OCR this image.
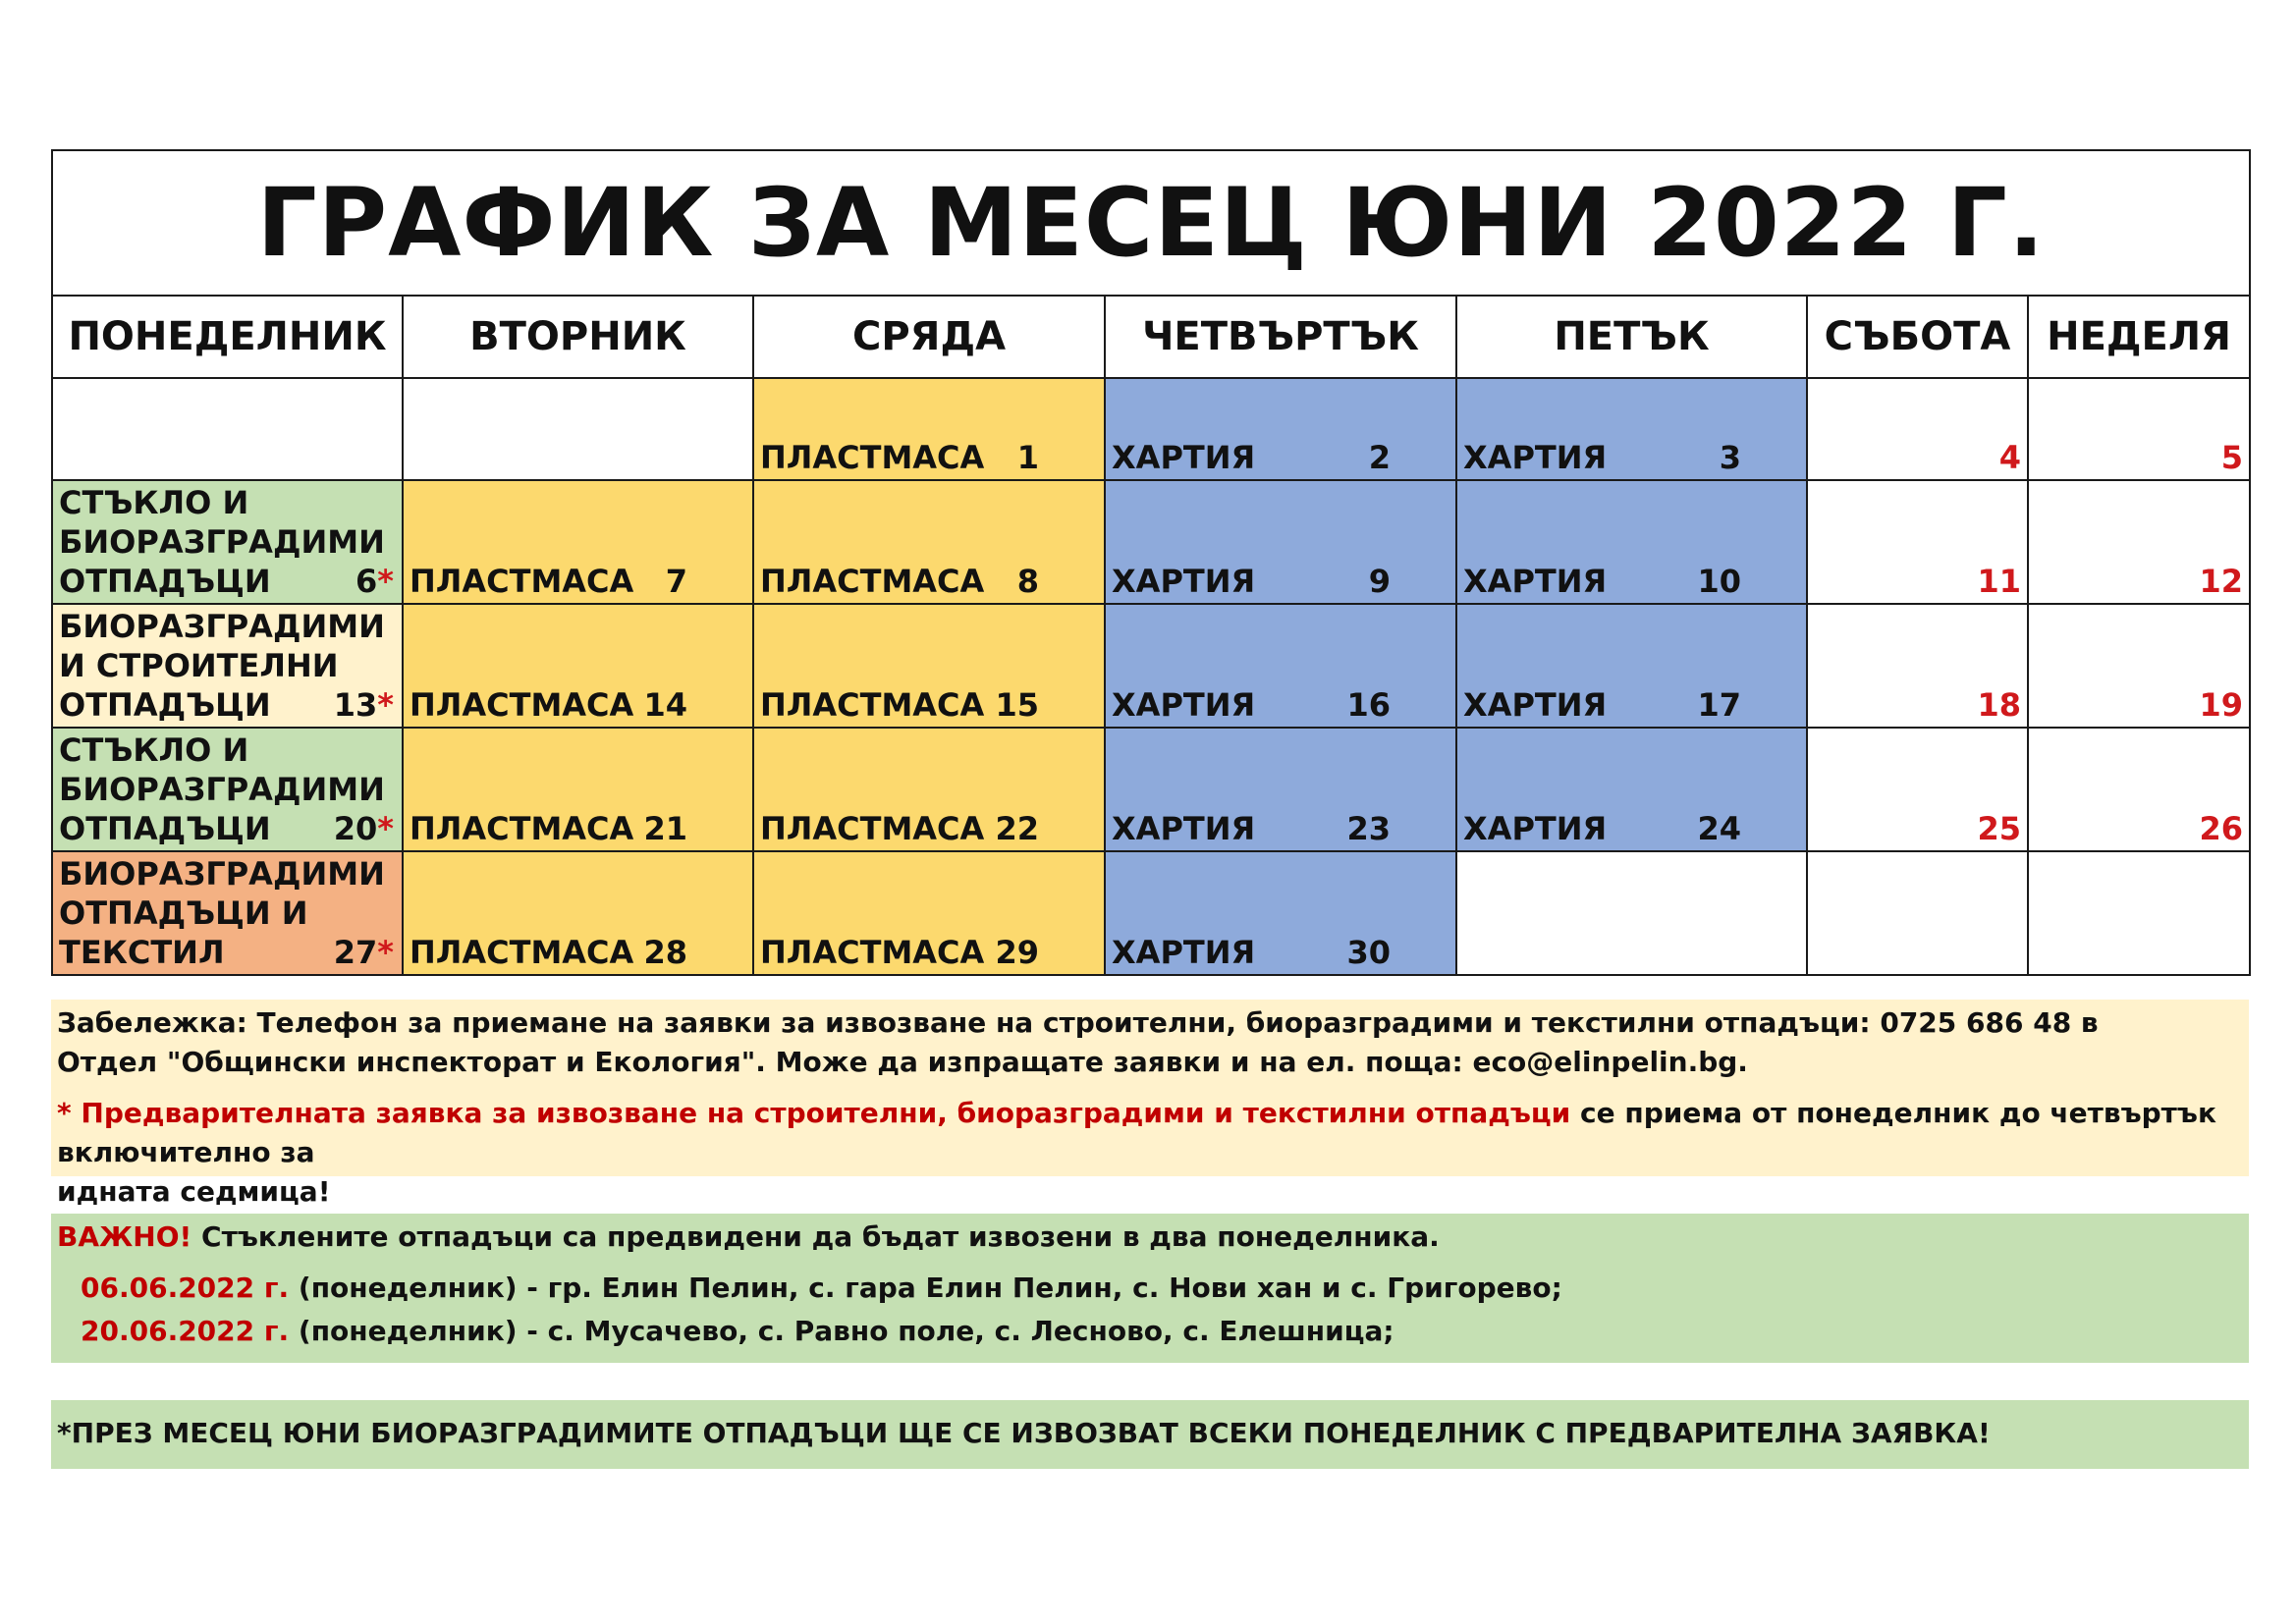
ГРАФИК ЗА МЕСЕЦ ЮНИ 2022 Г.						
ПОНЕДЕЛНИК	ВТОРНИК	СРЯДА	ЧЕТВЪРТЪК	ПЕТЪК	СЪБОТА	НЕДЕЛЯ

		ПЛАСТМАСА 1	ХАРТИЯ 2	ХАРТИЯ 3	4	5

СТЪКЛО И БИОРАЗГРАДИМИ ОТПАДЪЦИ 6*	ПЛАСТМАСА 7	ПЛАСТМАСА 8	ХАРТИЯ 9	ХАРТИЯ 10	11	12

БИОРАЗГРАДИМИ И СТРОИТЕЛНИ ОТПАДЪЦИ 13*	ПЛАСТМАСА 14	ПЛАСТМАСА 15	ХАРТИЯ 16	ХАРТИЯ 17	18	19

СТЪКЛО И БИОРАЗГРАДИМИ ОТПАДЪЦИ 20*	ПЛАСТМАСА 21	ПЛАСТМАСА 22	ХАРТИЯ 23	ХАРТИЯ 24	25	26

БИОРАЗГРАДИМИ ОТПАДЪЦИ И ТЕКСТИЛ 27*	ПЛАСТМАСА 28	ПЛАСТМАСА 29	ХАРТИЯ 30			

Забележка: Телефон за приемане на заявки за извозване на строителни, биоразградими и текстилни отпадъци: 0725 686 48 в
Отдел "Общински инспекторат и Екология". Може да изпращате заявки и на ел. поща: eco@elinpelin.bg.
* Предварителната заявка за извозване на строителни, биоразградими и текстилни отпадъци се приема от понеделник до четвъртък включително за
идната седмица!
ВАЖНО! Стъклените отпадъци са предвидени да бъдат извозени в два понеделника.
06.06.2022 г. (понеделник) - гр. Елин Пелин, с. гара Елин Пелин, с. Нови хан и с. Григорево;
20.06.2022 г. (понеделник) - с. Мусачево, с. Равно поле, с. Лесново, с. Елешница;
*ПРЕЗ МЕСЕЦ ЮНИ БИОРАЗГРАДИМИТЕ ОТПАДЪЦИ ЩЕ СЕ ИЗВОЗВАТ ВСЕКИ ПОНЕДЕЛНИК С ПРЕДВАРИТЕЛНА ЗАЯВКА!
